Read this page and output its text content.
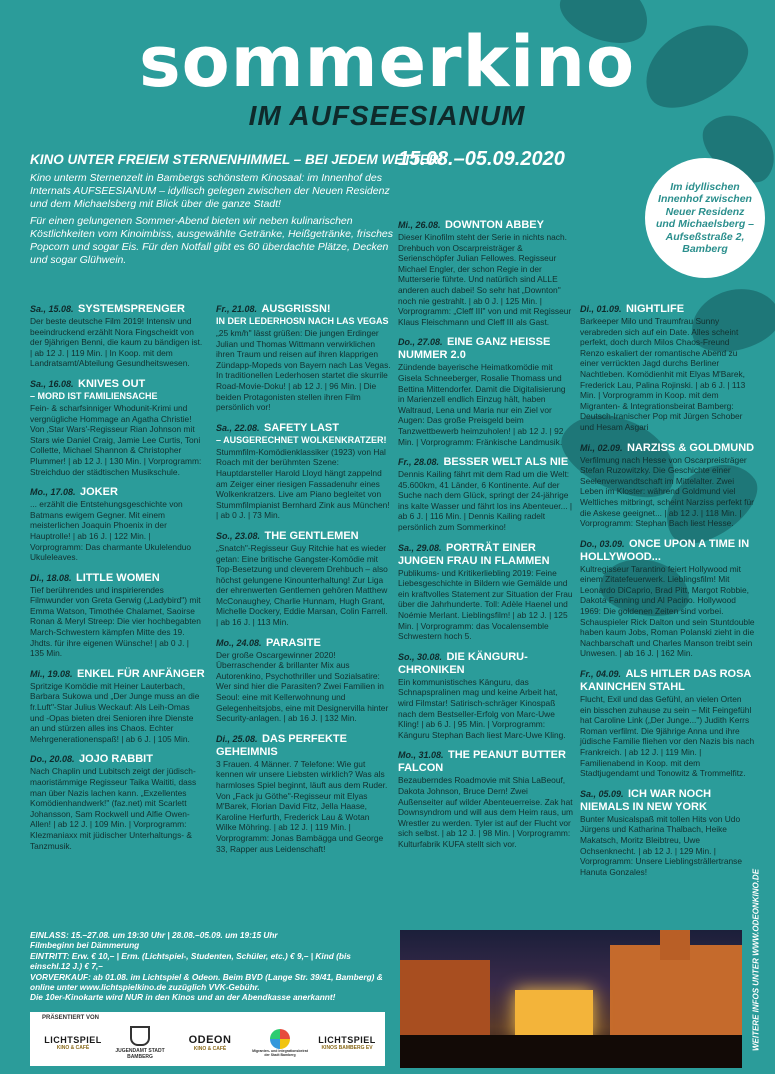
sommerkino
IM AUFSEESIANUM
KINO UNTER FREIEM STERNENHIMMEL – BEI JEDEM WETTER!
15.08.–05.09.2020

Kino unterm Sternenzelt in Bambergs schönstem Kinosaal: im Innenhof des Internats AUFSEESIANUM – idyllisch gelegen zwischen der Neuen Residenz und dem Michaelsberg mit Blick über die ganze Stadt!

Für einen gelungenen Sommer-Abend bieten wir neben kulinarischen Köstlichkeiten vom Kinoimbiss, ausgewählte Getränke, Heißgetränke, frisches Popcorn und sogar Eis. Für den Notfall gibt es 60 überdachte Plätze, Decken und sogar Glühwein.

Im idyllischen Innenhof zwischen Neuer Residenz und Michaelsberg – Aufseßstraße 2, Bamberg
Sa., 15.08. SYSTEMSPRENGER
Der beste deutsche Film 2019! Intensiv und beeindruckend erzählt Nora Fingscheidt von der 9jährigen Benni, die kaum zu bändigen ist. | ab 12 J. | 119 Min. | In Koop. mit dem Landratsamt/Abteilung Gesundheitswesen.
Sa., 16.08. KNIVES OUT
– MORD IST FAMILIENSACHE
Fein- & scharfsinniger Whodunit-Krimi und vergnügliche Hommage an Agatha Christie! Von ‚Star Wars'-Regisseur Rian Johnson mit Stars wie Daniel Craig, Jamie Lee Curtis, Toni Collette, Michael Shannon & Christopher Plummer! | ab 12 J. | 130 Min. | Vorprogramm: Streichduo der städtischen Musikschule.
Mo., 17.08. JOKER
... erzählt die Entstehungsgeschichte von Batmans ewigem Gegner. Mit einem meisterlichen Joaquin Phoenix in der Hauptrolle! | ab 16 J. | 122 Min. | Vorprogramm: Das charmante Ukulelenduo Ukuleleaves.
Di., 18.08. LITTLE WOMEN
Tief berührendes und inspirierendes Filmwunder von Greta Gerwig („Ladybird") mit Emma Watson, Timothée Chalamet, Saoirse Ronan & Meryl Streep: Die vier hochbegabten March-Schwestern kämpfen Mitte des 19. Jhdts. für ihre eigenen Wünsche! | ab 0 J. | 135 Min.
Mi., 19.08. ENKEL FÜR ANFÄNGER
Spritzige Komödie mit Heiner Lauterbach, Barbara Sukowa und „Der Junge muss an die fr.Luft"-Star Julius Weckauf: Als Leih-Omas und -Opas bieten drei Senioren ihre Dienste an und stürzen alles ins Chaos. Echter Mehrgenerationenspaß! | ab 6 J. | 105 Min.
Do., 20.08. JOJO RABBIT
Nach Chaplin und Lubitsch zeigt der jüdisch-maoristämmige Regisseur Taika Waititi, dass man über Nazis lachen kann. „Exzellentes Komödienhandwerk!" (faz.net) mit Scarlett Johansson, Sam Rockwell und Alfie Owen-Allen! | ab 12 J. | 109 Min. | Vorprogramm: Klezmaniaxx mit jüdischer Unterhaltungs- & Tanzmusik.
Fr., 21.08. AUSGRISSN!
IN DER LEDERHOSN NACH LAS VEGAS
„25 km/h" lässt grüßen: Die jungen Erdinger Julian und Thomas Wittmann verwirklichen ihren Traum und reisen auf ihren klapprigen Zündapp-Mopeds von Bayern nach Las Vegas. In traditionellen Lederhosen startet die skurrile Road-Movie-Doku! | ab 12 J. | 96 Min. | Die beiden Protagonisten stellen ihren Film persönlich vor!
Sa., 22.08. SAFETY LAST
– AUSGERECHNET WOLKENKRATZER!
Stummfilm-Komödienklassiker (1923) von Hal Roach mit der berühmten Szene: Hauptdarsteller Harold Lloyd hängt zappelnd am Zeiger einer riesigen Fassadenuhr eines Wolkenkratzers. Live am Piano begleitet von Stummfilmpianist Bernhard Zink aus München! | ab 0 J. | 73 Min.
So., 23.08. THE GENTLEMEN
„Snatch"-Regisseur Guy Ritchie hat es wieder getan: Eine britische Gangster-Komödie mit Top-Besetzung und cleverem Drehbuch – also höchst gelungene Kinounterhaltung! Zur Liga der ehrenwerten Gentlemen gehören Matthew McConaughey, Charlie Hunnam, Hugh Grant, Michelle Dockery, Eddie Marsan, Colin Farrell. | ab 16 J. | 113 Min.
Mo., 24.08. PARASITE
Der große Oscargewinner 2020! Überraschender & brillanter Mix aus Autorenkino, Psychothriller und Sozialsatire: Wer sind hier die Parasiten? Zwei Familien in Seoul: eine mit Kellerwohnung und Gelegenheitsjobs, eine mit Designervilla hinter Security-anlagen. | ab 16 J. | 132 Min.
Di., 25.08. DAS PERFEKTE GEHEIMNIS
3 Frauen. 4 Männer. 7 Telefone: Wie gut kennen wir unsere Liebsten wirklich? Was als harmloses Spiel beginnt, läuft aus dem Ruder. Von „Fack ju Göthe"-Regisseur mit Elyas M'Barek, Florian David Fitz, Jella Haase, Karoline Herfurth, Frederick Lau & Wotan Wilke Möhring. | ab 12 J. | 119 Min. | Vorprogramm: Jonas Bambägga und George 33, Rapper aus Leidenschaft!
Mi., 26.08. DOWNTON ABBEY
Dieser Kinofilm steht der Serie in nichts nach. Drehbuch von Oscarpreisträger & Serienschöpfer Julian Fellowes. Regisseur Michael Engler, der schon Regie in der Mutterserie führte. Und natürlich sind ALLE anderen auch dabei! So sehr hat „Downton" noch nie gestrahlt. | ab 0 J. | 125 Min. | Vorprogramm: „Cleff III" von und mit Regisseur Klaus Fleischmann und Cleff III als Gast.
Do., 27.08. EINE GANZ HEISSE NUMMER 2.0
Zündende bayerische Heimatkomödie mit Gisela Schneeberger, Rosalie Thomass und Bettina Mittendorfer. Damit die Digitalisierung in Marienzell endlich Einzug hält, haben Waltraud, Lena und Maria nur ein Ziel vor Augen: Das große Preisgeld beim Tanzwettbewerb heimzuholen! | ab 12 J. | 92 Min. | Vorprogramm: Fränkische Landmusik.
Fr., 28.08. BESSER WELT ALS NIE
Dennis Kailing fährt mit dem Rad um die Welt: 45.600km, 41 Länder, 6 Kontinente. Auf der Suche nach dem Glück, springt der 24-jährige ins kalte Wasser und fährt los ins Abenteuer... | ab 6 J. | 116 Min. | Dennis Kailing radelt persönlich zum Sommerkino!
Sa., 29.08. PORTRÄT EINER JUNGEN FRAU IN FLAMMEN
Publikums- und Kritikerliebling 2019: Feine Liebesgeschichte in Bildern wie Gemälde und ein kraftvolles Statement zur Situation der Frau über die Jahrhunderte. Toll: Adèle Haenel und Noémie Merlant. Lieblingsfilm! | ab 12 J. | 125 Min. | Vorprogramm: das Vocalensemble Schwestern hoch 5.
So., 30.08. DIE KÄNGURU-CHRONIKEN
Ein kommunistisches Känguru, das Schnapspralinen mag und keine Arbeit hat, wird Filmstar! Satirisch-schräger Kinospaß nach dem Bestseller-Erfolg von Marc-Uwe Kling! | ab 6 J. | 95 Min. | Vorprogramm: Känguru Stephan Bach liest Marc-Uwe Kling.
Mo., 31.08. THE PEANUT BUTTER FALCON
Bezauberndes Roadmovie mit Shia LaBeouf, Dakota Johnson, Bruce Dern! Zwei Außenseiter auf wilder Abenteuerreise. Zak hat Downsyndrom und will aus dem Heim raus, um Wrestler zu werden. Tyler ist auf der Flucht vor sich selbst. | ab 12 J. | 98 Min. | Vorprogramm: Kulturfabrik KUFA stellt sich vor.
Di., 01.09. NIGHTLIFE
Barkeeper Milo und Traumfrau Sunny verabreden sich auf ein Date. Alles scheint perfekt, doch durch Milos Chaos-Freund Renzo eskaliert der romantische Abend zu einer verrückten Jagd durchs Berliner Nachtleben. Komödienhit mit Elyas M'Barek, Frederick Lau, Palina Rojinski. | ab 6 J. | 113 Min. | Vorprogramm in Koop. mit dem Migranten- & Integrationsbeirat Bamberg: Deutsch-Iranischer Pop mit Jürgen Schober und Hesam Asgari
Mi., 02.09. NARZISS & GOLDMUND
Verfilmung nach Hesse von Oscarpreisträger Stefan Ruzowitzky. Die Geschichte einer Seelenverwandtschaft im Mittelalter. Zwei Leben im Kloster: während Goldmund viel Weltliches mitbringt, scheint Narziss perfekt für die Askese geeignet... | ab 12 J. | 118 Min. | Vorprogramm: Stephan Bach liest Hesse.
Do., 03.09. ONCE UPON A TIME IN HOLLYWOOD...
Kultregisseur Tarantino feiert Hollywood mit einem Zitatefeuerwerk. Lieblingsfilm! Mit Leonardo DiCaprio, Brad Pitt, Margot Robbie, Dakota Fanning und Al Pacino. Hollywood 1969: Die goldenen Zeiten sind vorbei. Schauspieler Rick Dalton und sein Stuntdouble haben kaum Jobs, Roman Polanski zieht in die Nachbarschaft und Charles Manson treibt sein Unwesen. | ab 16 J. | 162 Min.
Fr., 04.09. ALS HITLER DAS ROSA KANINCHEN STAHL
Flucht, Exil und das Gefühl, an vielen Orten ein bisschen zuhause zu sein – Mit Feingefühl hat Caroline Link („Der Junge...") Judith Kerrs Roman verfilmt. Die 9jährige Anna und ihre jüdische Familie fliehen vor den Nazis bis nach Frankreich. | ab 12 J. | 119 Min. | Familienabend in Koop. mit dem Stadtjugendamt und Tonowitz & Trommelfitz.
Sa., 05.09. ICH WAR NOCH NIEMALS IN NEW YORK
Bunter Musicalspaß mit tollen Hits von Udo Jürgens und Katharina Thalbach, Heike Makatsch, Moritz Bleibtreu, Uwe Ochsenknecht. | ab 12 J. | 129 Min. | Vorprogramm: Unsere Lieblingsträllertranse Hanuta Gonzales!

EINLASS: 15.–27.08. um 19:30 Uhr | 28.08.–05.09. um 19:15 Uhr

Filmbeginn bei Dämmerung

EINTRITT: Erw. € 10,– | Erm. (Lichtspiel-, Studenten, Schüler, etc.) € 9,– | Kind (bis einschl.12 J.) € 7,–

VORVERKAUF: ab 01.08. im Lichtspiel & Odeon. Beim BVD (Lange Str. 39/41, Bamberg) & online unter www.lichtspielkino.de zuzüglich VVK-Gebühr.

Die 10er-Kinokarte wird NUR in den Kinos und an der Abendkasse anerkannt!

PRÄSENTIERT VON
LICHTSPIEL
KINO & CAFÉ	JUGENDAMT STADT BAMBERG
ODEON
KINO & CAFÉ	Migranten- und Integrationsbeirat der Stadt Bamberg
LICHTSPIEL
KINOS BAMBERG EV	WEITERE INFOS UNTER WWW.ODEONKINO.DE
